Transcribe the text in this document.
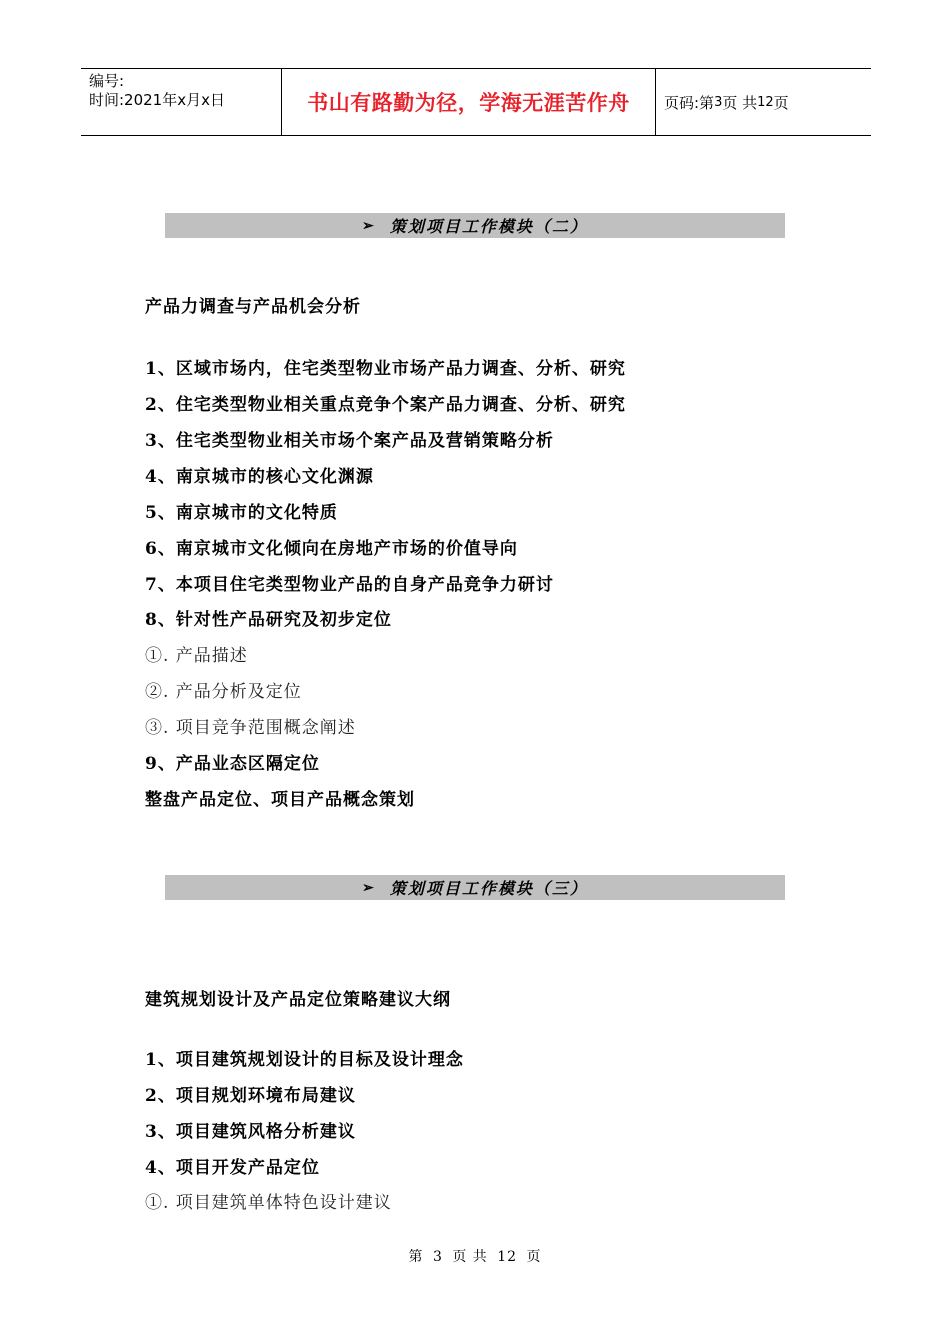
编号:
时间:2021年x月x日	书山有路勤为径，学海无涯苦作舟 页码:第 3 页 共 12 页
➢ 策划项目工作模块（二）
产品力调查与产品机会分析
1、区域市场内，住宅类型物业市场产品力调查、分析、研究
2、住宅类型物业相关重点竞争个案产品力调查、分析、研究
3、住宅类型物业相关市场个案产品及营销策略分析
4、南京城市的核心文化渊源
5、南京城市的文化特质
6、南京城市文化倾向在房地产市场的价值导向
7、本项目住宅类型物业产品的自身产品竞争力研讨
8、针对性产品研究及初步定位
①. 产品描述
②. 产品分析及定位
③. 项目竞争范围概念阐述
9、产品业态区隔定位
整盘产品定位、项目产品概念策划
➢ 策划项目工作模块（三）
建筑规划设计及产品定位策略建议大纲
1、项目建筑规划设计的目标及设计理念
2、项目规划环境布局建议
3、项目建筑风格分析建议
4、项目开发产品定位
①. 项目建筑单体特色设计建议
第 3 页 共 12 页
